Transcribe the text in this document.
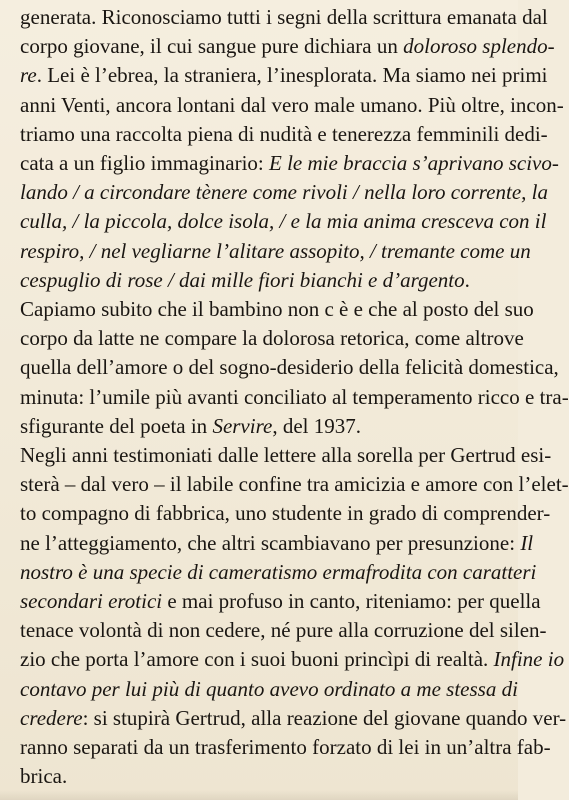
generata. Riconosciamo tutti i segni della scrittura emanata dal
corpo giovane, il cui sangue pure dichiara un doloroso splendo-
re. Lei è l’ebrea, la straniera, l’inesplorata. Ma siamo nei primi
anni Venti, ancora lontani dal vero male umano. Più oltre, incon-
triamo una raccolta piena di nudità e tenerezza femminili dedi-
cata a un figlio immaginario: E le mie braccia s’aprivano scivo-
lando / a circondare tènere come rivoli / nella loro corrente, la
culla, / la piccola, dolce isola, / e la mia anima cresceva con il
respiro, / nel vegliarne l’alitare assopito, / tremante come un
cespuglio di rose / dai mille fiori bianchi e d’argento.
Capiamo subito che il bambino non c è e che al posto del suo
corpo da latte ne compare la dolorosa retorica, come altrove
quella dell’amore o del sogno-desiderio della felicità domestica,
minuta: l’umile più avanti conciliato al temperamento ricco e tra-
sfigurante del poeta in Servire, del 1937.
Negli anni testimoniati dalle lettere alla sorella per Gertrud esi-
sterà – dal vero – il labile confine tra amicizia e amore con l’elet-
to compagno di fabbrica, uno studente in grado di comprender-
ne l’atteggiamento, che altri scambiavano per presunzione: Il
nostro è una specie di cameratismo ermafrodita con caratteri
secondari erotici e mai profuso in canto, riteniamo: per quella
tenace volontà di non cedere, né pure alla corruzione del silen-
zio che porta l’amore con i suoi buoni princìpi di realtà. Infine io
contavo per lui più di quanto avevo ordinato a me stessa di
credere: si stupirà Gertrud, alla reazione del giovane quando ver-
ranno separati da un trasferimento forzato di lei in un’altra fab-
brica.
